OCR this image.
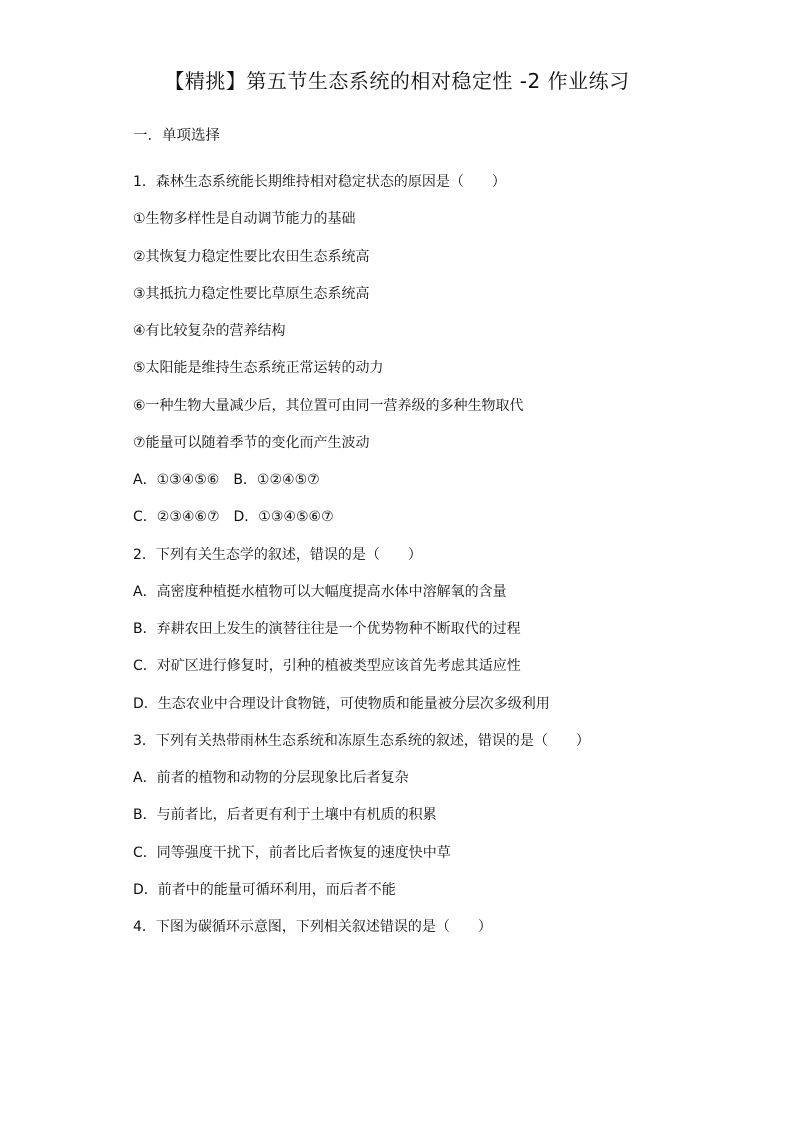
【精挑】第五节生态系统的相对稳定性 -2 作业练习
一．单项选择
1．森林生态系统能长期维持相对稳定状态的原因是（　　）
①生物多样性是自动调节能力的基础
②其恢复力稳定性要比农田生态系统高
③其抵抗力稳定性要比草原生态系统高
④有比较复杂的营养结构
⑤太阳能是维持生态系统正常运转的动力
⑥一种生物大量减少后，其位置可由同一营养级的多种生物取代
⑦能量可以随着季节的变化而产生波动
A．①③④⑤⑥　B．①②④⑤⑦
C．②③④⑥⑦　D．①③④⑤⑥⑦
2．下列有关生态学的叙述，错误的是（　　）
A．高密度种植挺水植物可以大幅度提高水体中溶解氧的含量
B．弃耕农田上发生的演替往往是一个优势物种不断取代的过程
C．对矿区进行修复时，引种的植被类型应该首先考虑其适应性
D．生态农业中合理设计食物链，可使物质和能量被分层次多级利用
3．下列有关热带雨林生态系统和冻原生态系统的叙述，错误的是（　　）
A．前者的植物和动物的分层现象比后者复杂
B．与前者比，后者更有利于土壤中有机质的积累
C．同等强度干扰下，前者比后者恢复的速度快中草
D．前者中的能量可循环利用，而后者不能
4．下图为碳循环示意图，下列相关叙述错误的是（　　）
